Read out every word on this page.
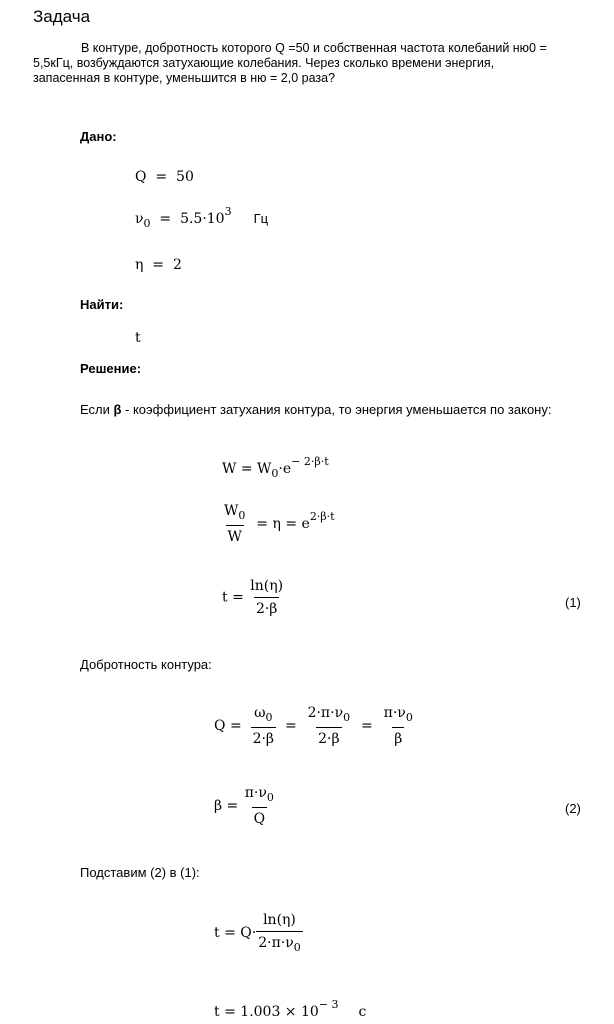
Задача
В контуре, добротность которого Q =50 и собственная частота колебаний ню0 =
5,5кГц, возбуждаются затухающие колебания. Через сколько времени энергия,
запасенная в контуре, уменьшится в ню = 2,0 раза?
Дано:
Q = 50
$\nu_0 = 5.5\cdot 10^3$ Гц
η = 2
Найти:
t
Решение:
Если β - коэффициент затухания контура, то энергия уменьшается по закону:
$W = W_0\cdot e^{- 2\cdot\beta\cdot t}$
$\frac{W_0}{W} = \eta = e^{2\cdot\beta\cdot t}$
$t = \frac{\ln(\eta)}{2\cdot\beta}$	(1)
Добротность контура:
$Q = \frac{\omega_0}{2\cdot\beta} = \frac{2\cdot\pi\cdot\nu_0}{2\cdot\beta} = \frac{\pi\cdot\nu_0}{\beta}$
$\beta = \frac{\pi\cdot\nu_0}{Q}$	(2)
Подставим (2) в (1):
$t = Q\cdot \frac{\ln(\eta)}{2\cdot\pi\cdot\nu_0}$
$t = 1.003 \times 10^{- 3}$ c
